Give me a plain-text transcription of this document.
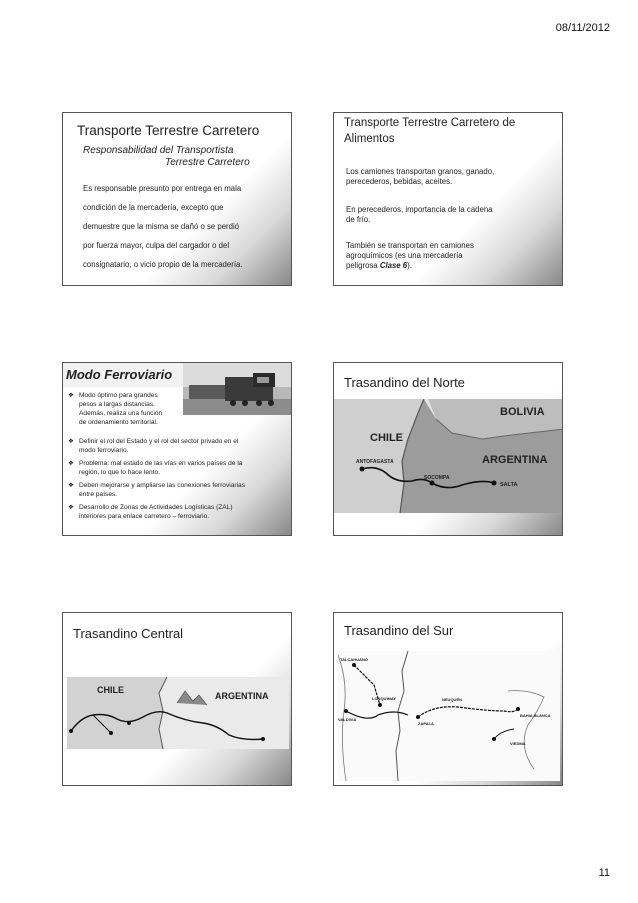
08/11/2012
Transporte Terrestre Carretero
Responsabilidad del Transportista
Terrestre Carretero
Es responsable presunto por entrega en mala
condición de la mercadería, excepto que
demuestre que la misma se dañó o se perdió
por fuerza mayor, culpa del cargador o del
consignatario, o vicio propio de la mercadería.
Transporte Terrestre Carretero de
Alimentos
Los camiones transportan granos, ganado,
perecederos, bebidas, aceites.
En perecederos, importancia de la cadena
de frío.
También se transportan en camiones
agroquímicos (es una mercadería
peligrosa Clase 6).
Modo Ferroviario
❖ Modo óptimo para grandes
pesos a largas distancias.
Además, realiza una función
de ordenamiento territorial.
❖ Definir el rol del Estado y el rol del sector privado en el
modo ferroviario.
❖ Problema: mal estado de las vías en varios países de la
región, lo que lo hace lento.
❖ Deben mejorarse y ampliarse las conexiones ferroviarias
entre países.
❖ Desarrollo de Zonas de Actividades Logísticas (ZAL)
interiores para enlace carretero – ferroviario.
Trasandino del Norte
BOLIVIA
CHILE
ARGENTINA
ANTOFAGASTA
SOCOMPA
SALTA
Trasandino Central
CHILE
ARGENTINA
Trasandino del Sur
TALCAHUANO
LONQUIMAY
VALDIVIA
ZAPALA
NEUQUÉN
BAHIA BLANCA
VIEDMA
11
